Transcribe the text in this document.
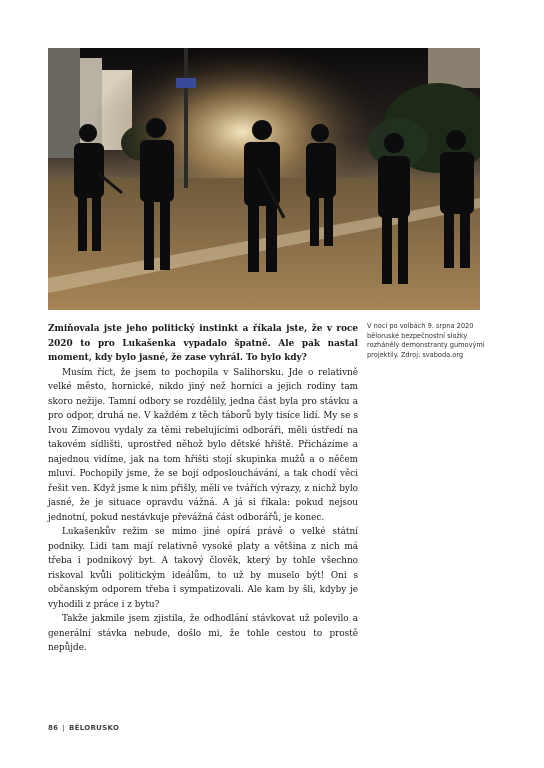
V noci po volbách 9. srpna 2020 běloruské bezpečnostní složky rozháněly demonstranty gumovými projektily. Zdroj: svaboda.org

Zmiňovala jste jeho politický instinkt a říkala jste, že v roce 2020 to pro Lukašenka vypadalo špatně. Ale pak nastal moment, kdy bylo jasné, že zase vyhrál. To bylo kdy?

Musím říct, že jsem to pochopila v Salihorsku. Jde o relativně velké město, hornické, nikdo jiný než horníci a jejich rodiny tam skoro nežije. Tamní odbory se rozdělily, jedna část byla pro stávku a pro odpor, druhá ne. V každém z těch táborů byly tisíce lidí. My se s Ivou Zimovou vydaly za těmi rebelujícími odboráři, měli ústředí na takovém sídlišti, uprostřed něhož bylo dětské hřiště. Přicházíme a najednou vidíme, jak na tom hřišti stojí skupinka mužů a o něčem mluví. Pochopily jsme, že se bojí odposlouchávání, a tak chodí věci řešit ven. Když jsme k nim přišly, měli ve tvářích výrazy, z nichž bylo jasné, že je situace opravdu vážná. A já si říkala: pokud nejsou jednotní, pokud nestávkuje převážná část odborářů, je konec.

Lukašenkův režim se mimo jiné opírá právě o velké státní podniky. Lidi tam mají relativně vysoké platy a většina z nich má třeba i podnikový byt. A takový člověk, který by tohle všechno riskoval kvůli politickým ideálům, to už by muselo být! Oni s občanským odporem třeba i sympatizovali. Ale kam by šli, kdyby je vyhodili z práce i z bytu?

Takže jakmile jsem zjistila, že odhodlání stávkovat už polevilo a generální stávka nebude, došlo mi, že tohle cestou to prostě nepůjde.

86 | BĚLORUSKO
